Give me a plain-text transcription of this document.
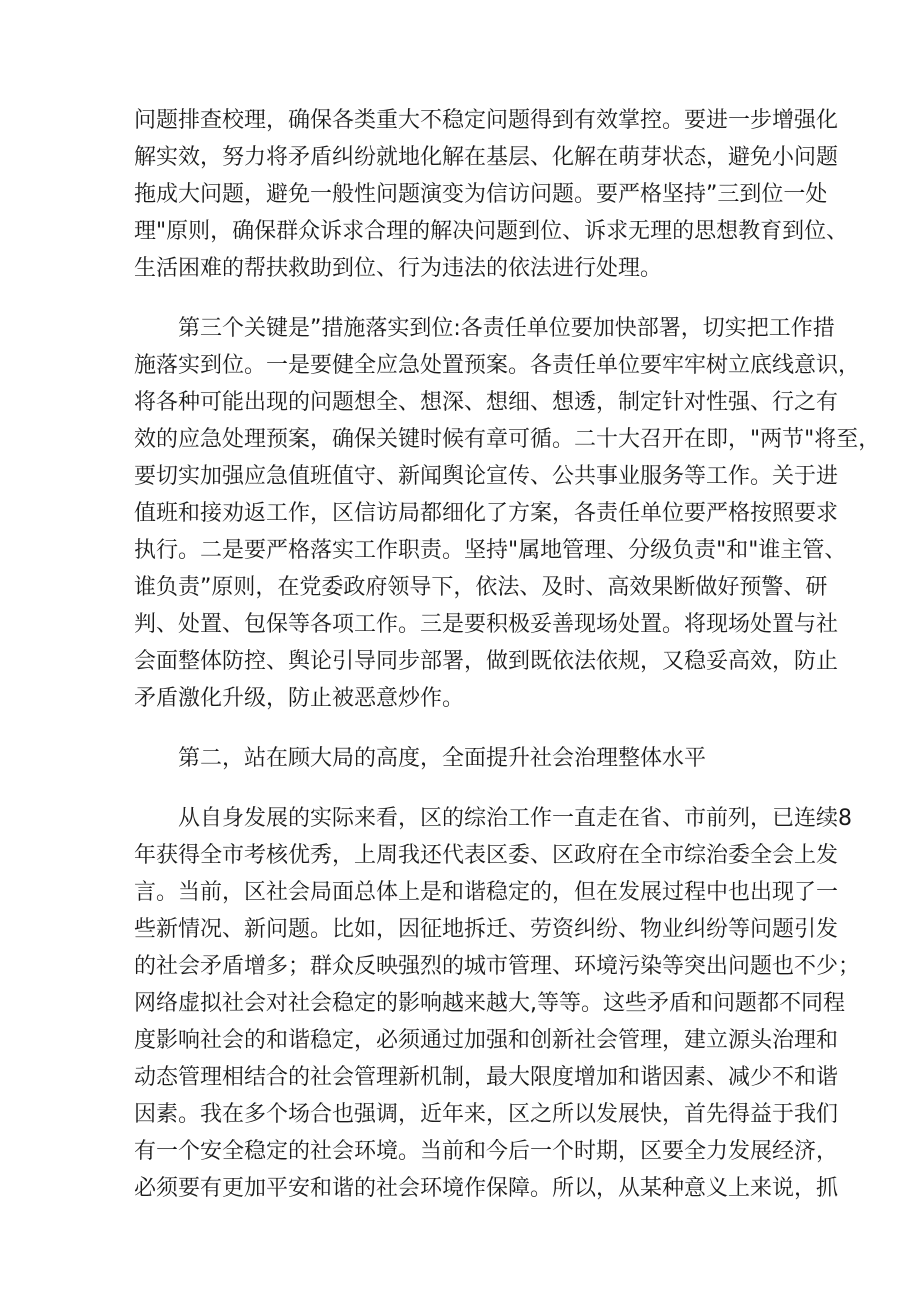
问题排查校理，确保各类重大不稳定问题得到有效掌控。要进一步增强化

解实效，努力将矛盾纠纷就地化解在基层、化解在萌芽状态，避免小问题

拖成大问题，避免一般性问题演变为信访问题。要严格坚持”三到位一处

理"原则，确保群众诉求合理的解决问题到位、诉求无理的思想教育到位、

生活困难的帮扶救助到位、行为违法的依法进行处理。

第三个关键是”措施落实到位:各责任单位要加快部署，切实把工作措

施落实到位。一是要健全应急处置预案。各责任单位要牢牢树立底线意识，

将各种可能出现的问题想全、想深、想细、想透，制定针对性强、行之有

效的应急处理预案，确保关键时候有章可循。二十大召开在即，"两节"将至，

要切实加强应急值班值守、新闻舆论宣传、公共事业服务等工作。关于进

值班和接劝返工作，区信访局都细化了方案，各责任单位要严格按照要求

执行。二是要严格落实工作职责。坚持"属地管理、分级负责"和"谁主管、

谁负责”原则，在党委政府领导下，依法、及时、高效果断做好预警、研

判、处置、包保等各项工作。三是要积极妥善现场处置。将现场处置与社

会面整体防控、舆论引导同步部署，做到既依法依规，又稳妥高效，防止

矛盾激化升级，防止被恶意炒作。

第二，站在顾大局的高度，全面提升社会治理整体水平

从自身发展的实际来看，区的综治工作一直走在省、市前列，已连续8

年获得全市考核优秀，上周我还代表区委、区政府在全市综治委全会上发

言。当前，区社会局面总体上是和谐稳定的，但在发展过程中也出现了一

些新情况、新问题。比如，因征地拆迁、劳资纠纷、物业纠纷等问题引发

的社会矛盾增多；群众反映强烈的城市管理、环境污染等突出问题也不少；

网络虚拟社会对社会稳定的影响越来越大,等等。这些矛盾和问题都不同程

度影响社会的和谐稳定，必须通过加强和创新社会管理，建立源头治理和

动态管理相结合的社会管理新机制，最大限度增加和谐因素、减少不和谐

因素。我在多个场合也强调，近年来，区之所以发展快，首先得益于我们

有一个安全稳定的社会环境。当前和今后一个时期，区要全力发展经济，

必须要有更加平安和谐的社会环境作保障。所以，从某种意义上来说，抓
